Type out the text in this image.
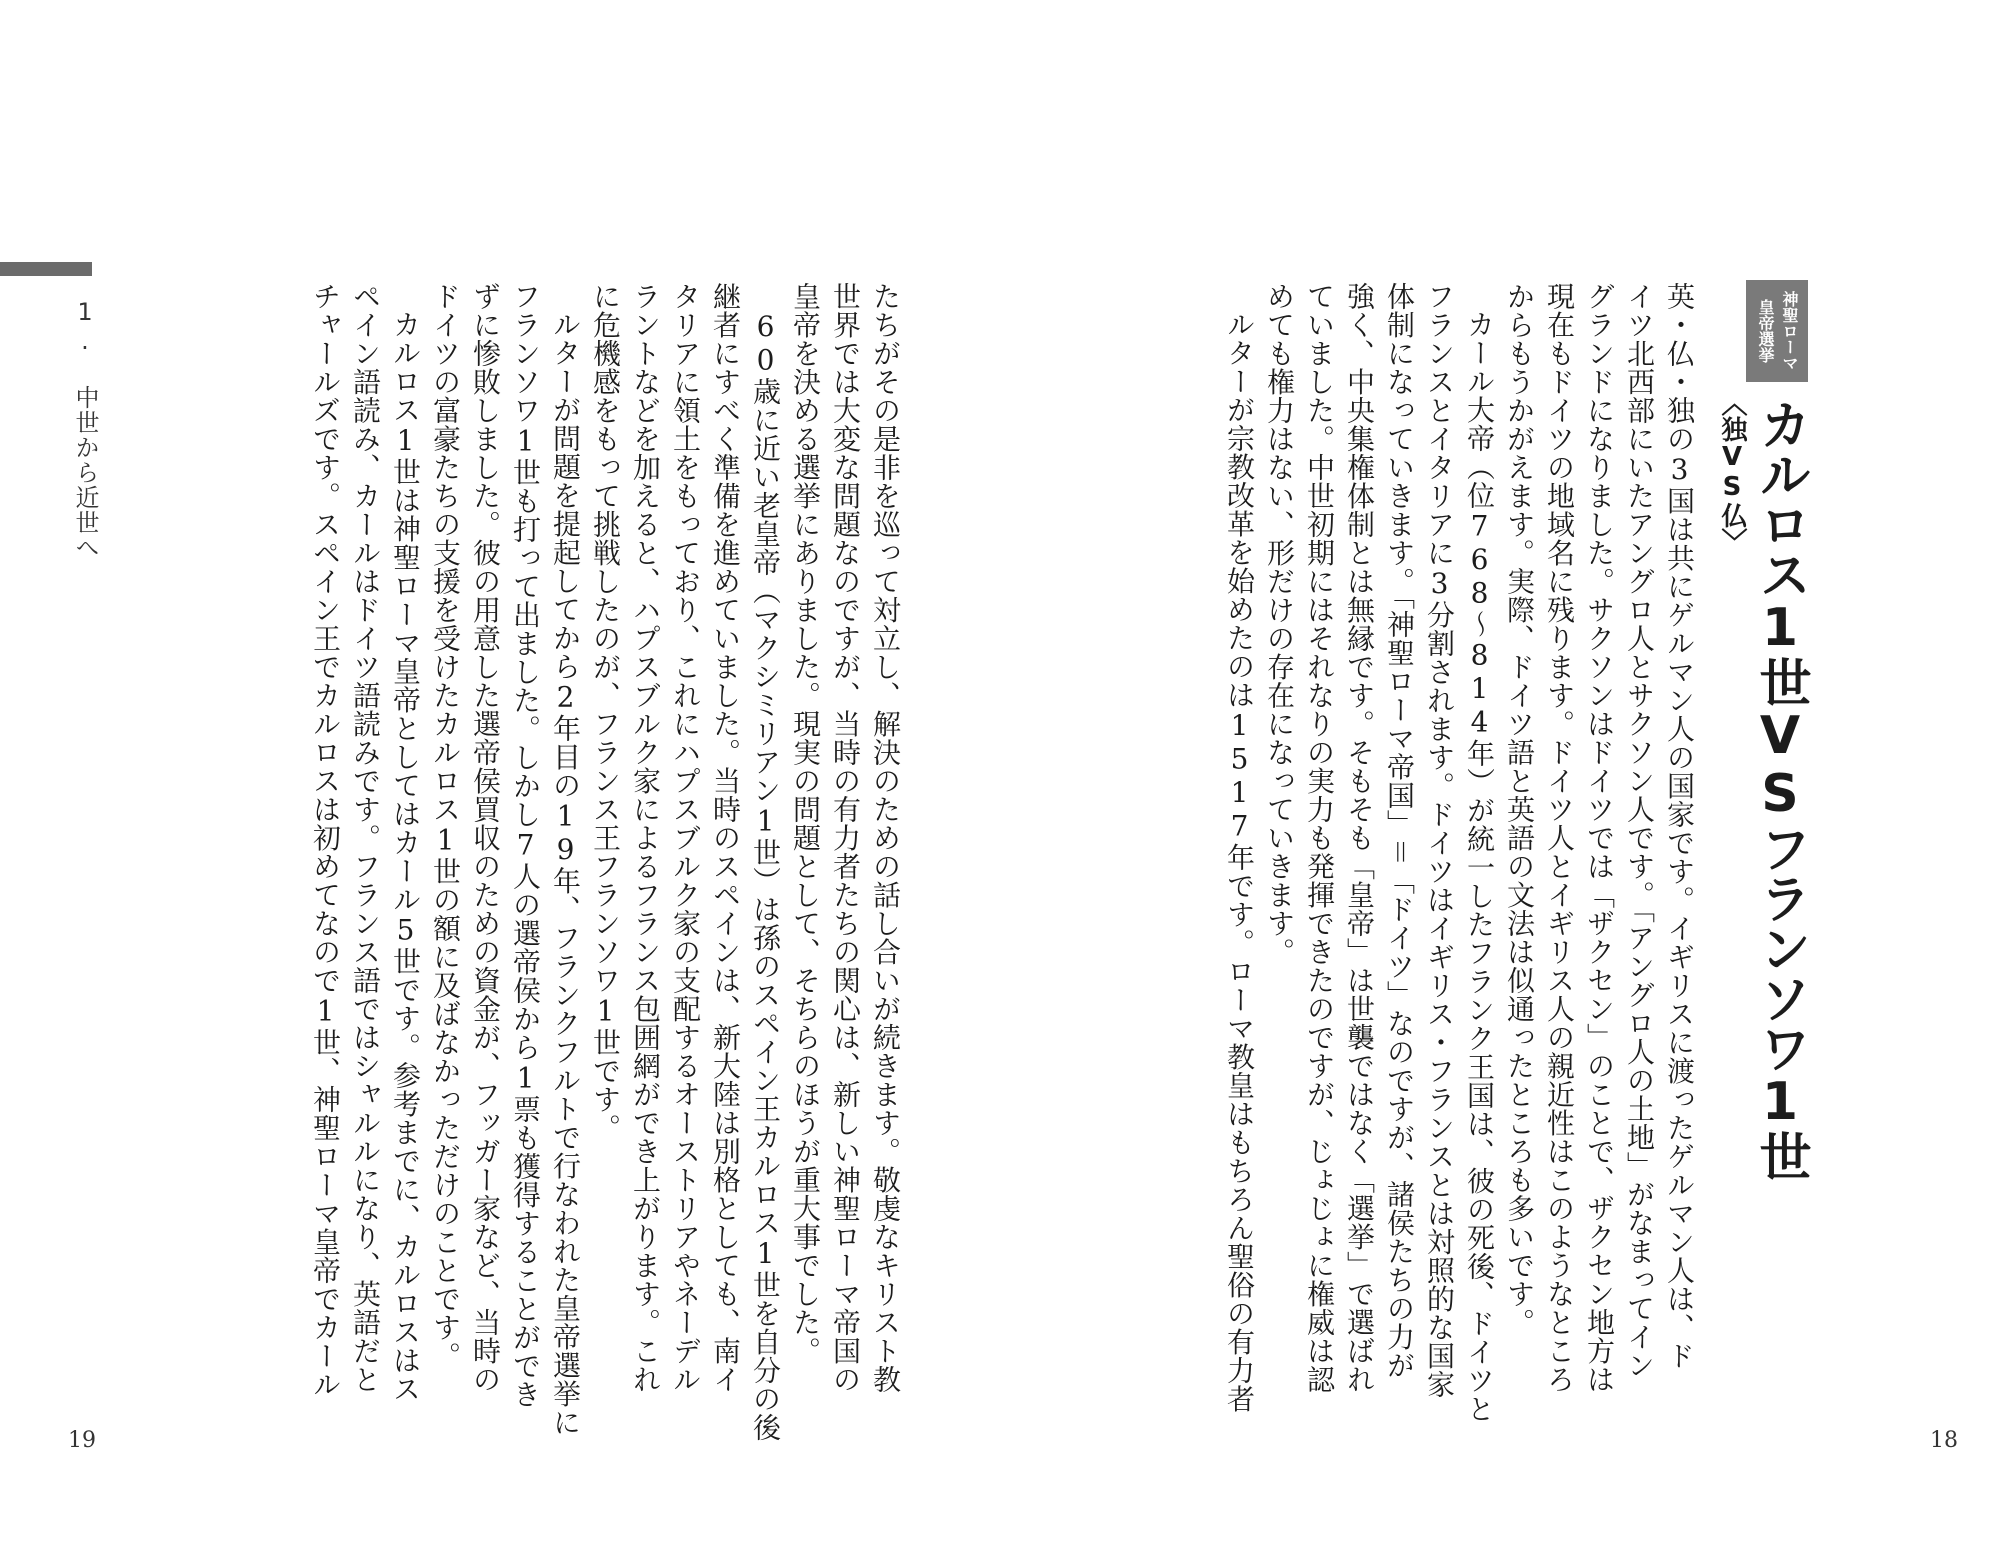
神聖ローマ
皇帝選挙
〈独VS仏〉 カルロス1世VSフランソワ1世
英・仏・独の3国は共にゲルマン人の国家です。イギリスに渡ったゲルマン人は、ド
イツ北西部にいたアングロ人とサクソン人です。「アングロ人の土地」がなまってイン
グランドになりました。サクソンはドイツでは「ザクセン」のことで、ザクセン地方は
現在もドイツの地域名に残ります。ドイツ人とイギリス人の親近性はこのようなところ
からもうかがえます。実際、ドイツ語と英語の文法は似通ったところも多いです。
カール大帝（位768～814年）が統一したフランク王国は、彼の死後、ドイツと
フランスとイタリアに3分割されます。ドイツはイギリス・フランスとは対照的な国家
体制になっていきます。「神聖ローマ帝国」＝「ドイツ」なのですが、諸侯たちの力が
強く、中央集権体制とは無縁です。そもそも「皇帝」は世襲ではなく「選挙」で選ばれ
ていました。中世初期にはそれなりの実力も発揮できたのですが、じょじょに権威は認
めても権力はない、形だけの存在になっていきます。
ルターが宗教改革を始めたのは1517年です。ローマ教皇はもちろん聖俗の有力者
18
たちがその是非を巡って対立し、解決のための話し合いが続きます。敬虔なキリスト教
世界では大変な問題なのですが、当時の有力者たちの関心は、新しい神聖ローマ帝国の
皇帝を決める選挙にありました。現実の問題として、そちらのほうが重大事でした。
60歳に近い老皇帝（マクシミリアン1世）は孫のスペイン王カルロス1世を自分の後
継者にすべく準備を進めていました。当時のスペインは、新大陸は別格としても、南イ
タリアに領土をもっており、これにハプスブルク家の支配するオーストリアやネーデル
ラントなどを加えると、ハプスブルク家によるフランス包囲網ができ上がります。これ
に危機感をもって挑戦したのが、フランス王フランソワ1世です。
ルターが問題を提起してから2年目の19年、フランクフルトで行なわれた皇帝選挙に
フランソワ1世も打って出ました。しかし7人の選帝侯から1票も獲得することができ
ずに惨敗しました。彼の用意した選帝侯買収のための資金が、フッガー家など、当時の
ドイツの富豪たちの支援を受けたカルロス1世の額に及ばなかっただけのことです。
カルロス1世は神聖ローマ皇帝としてはカール5世です。参考までに、カルロスはス
ペイン語読み、カールはドイツ語読みです。フランス語ではシャルルになり、英語だと
チャールズです。スペイン王でカルロスは初めてなので1世、神聖ローマ皇帝でカール
1. 中世から近世へ
19
